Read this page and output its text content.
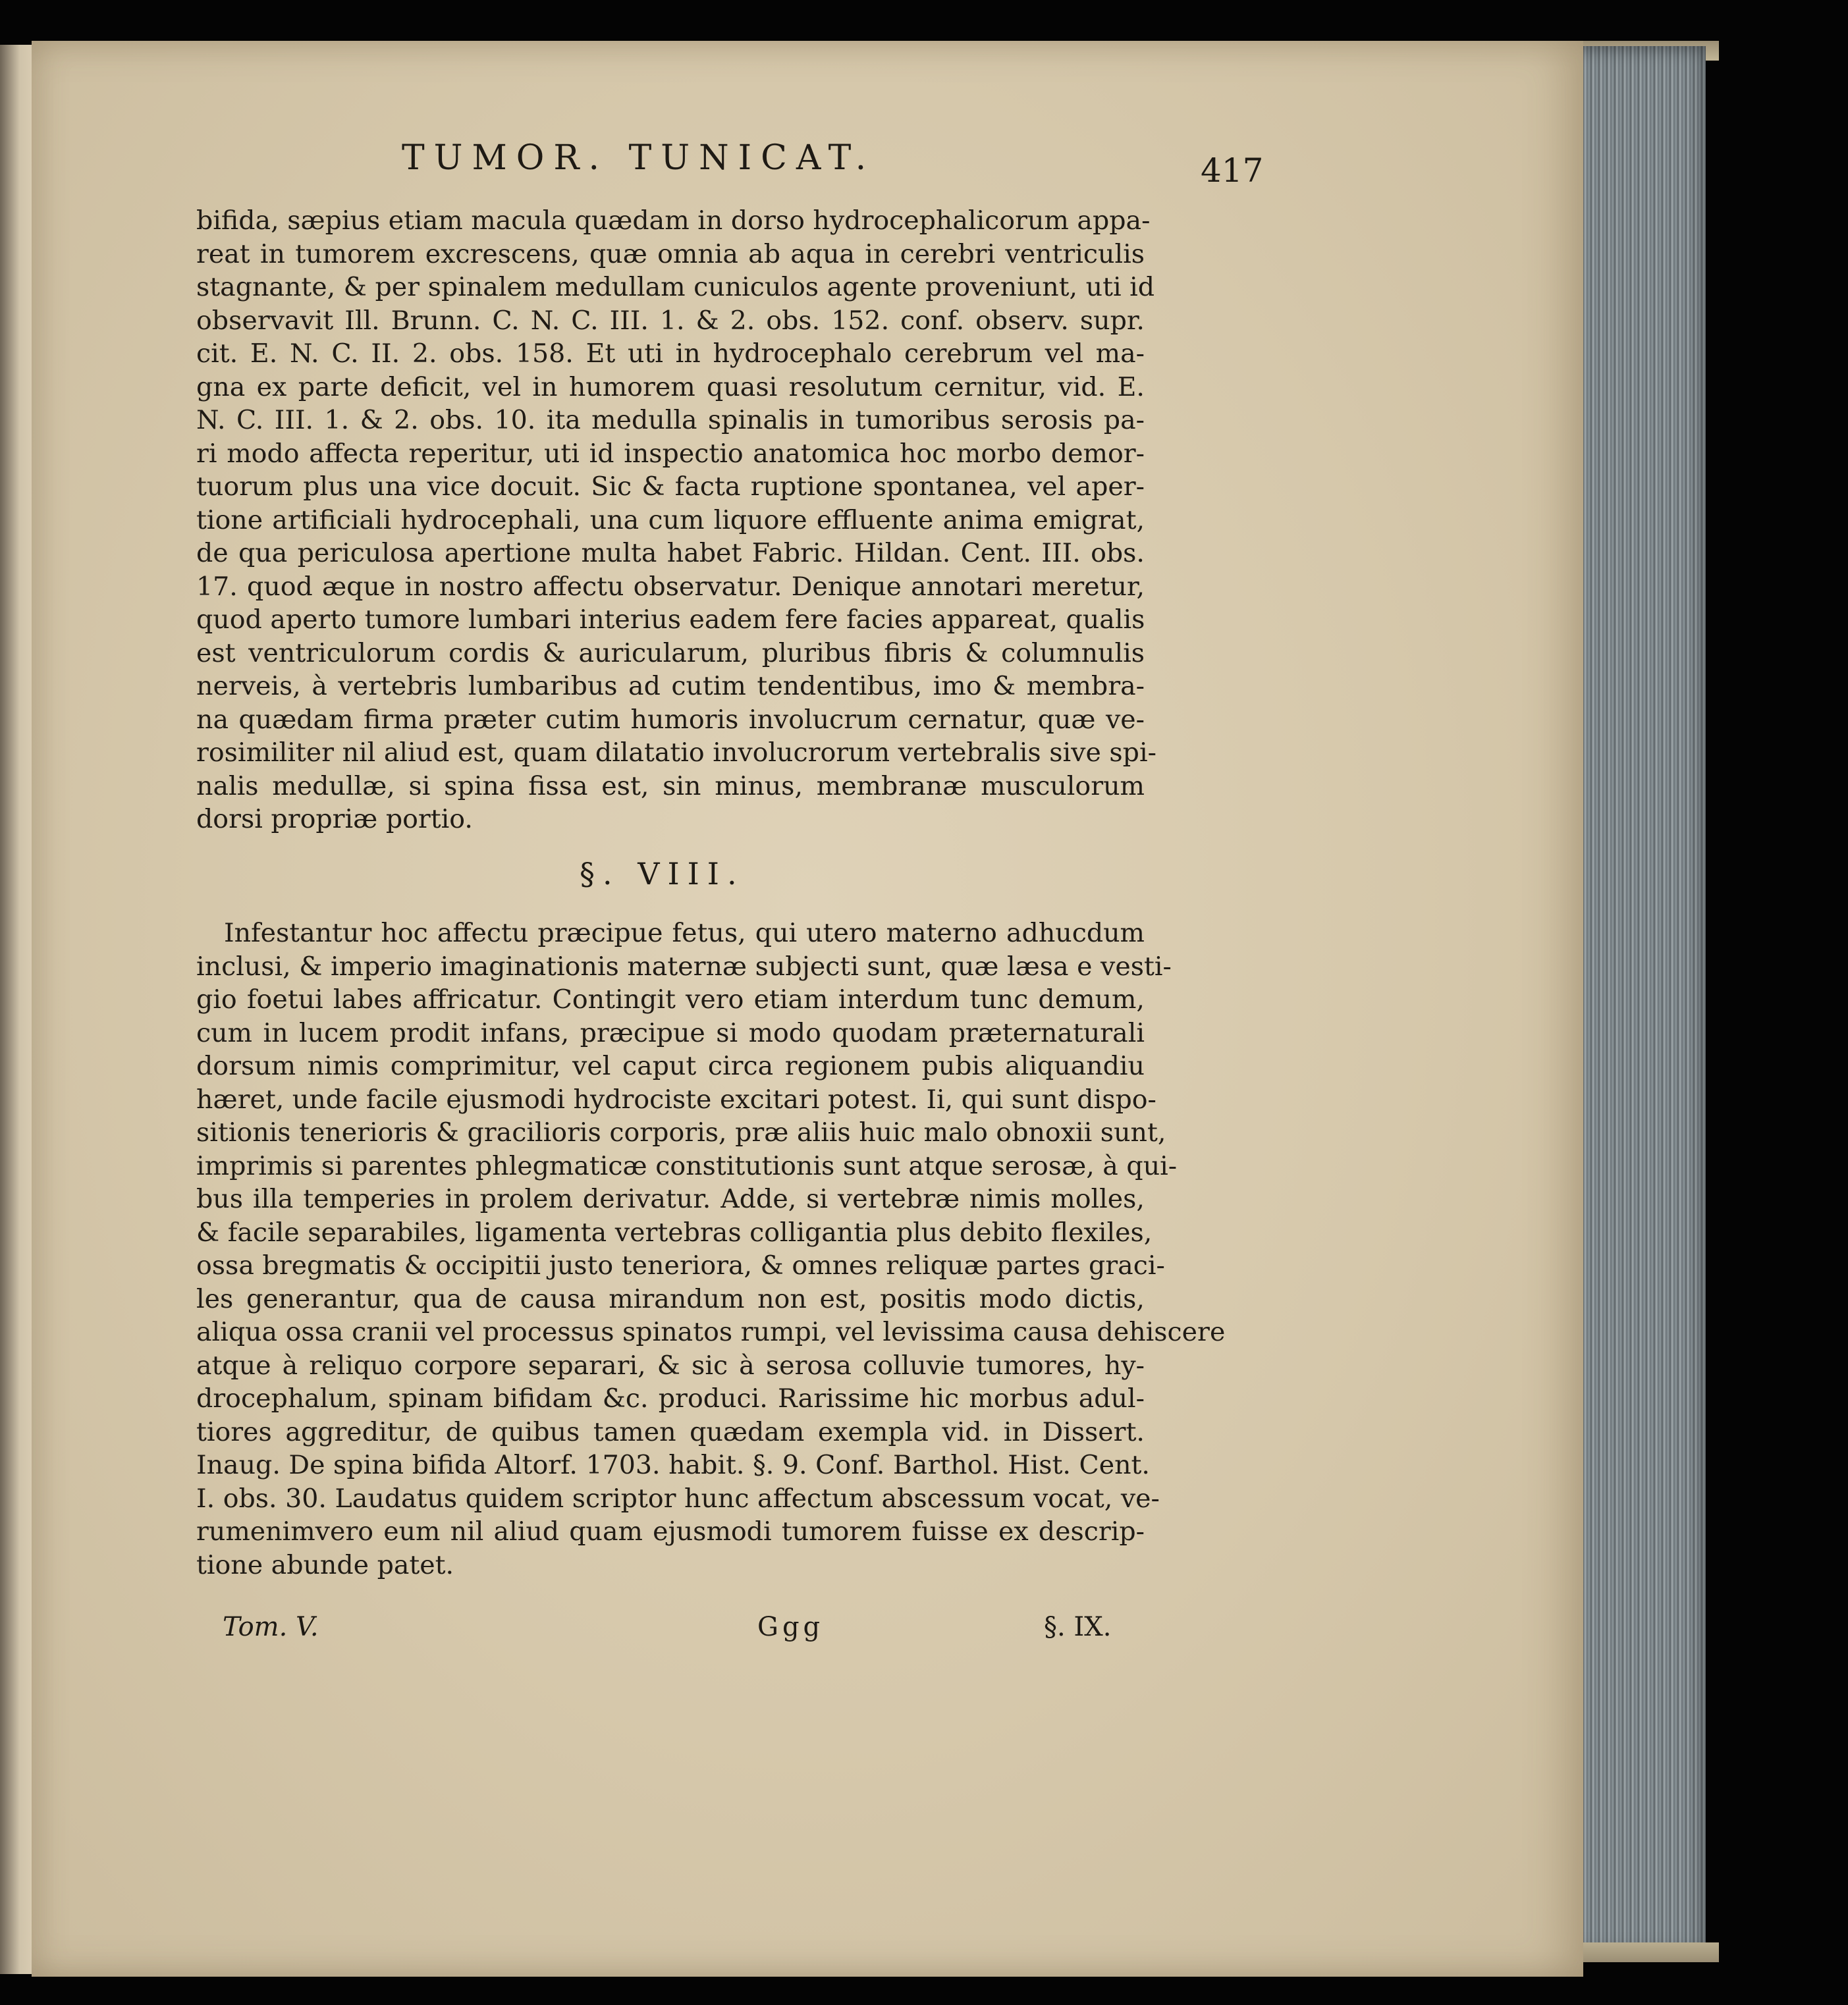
TUMOR. TUNICAT.	417
bifida, sæpius etiam macula quædam in dorso hydrocephalicorum appa-
reat in tumorem excrescens, quæ omnia ab aqua in cerebri ventriculis
stagnante, & per spinalem medullam cuniculos agente proveniunt, uti id
observavit Ill. Brunn. C. N. C. III. 1. & 2. obs. 152. conf. observ. supr.
cit. E. N. C. II. 2. obs. 158. Et uti in hydrocephalo cerebrum vel ma-
gna ex parte deficit, vel in humorem quasi resolutum cernitur, vid. E.
N. C. III. 1. & 2. obs. 10. ita medulla spinalis in tumoribus serosis pa-
ri modo affecta reperitur, uti id inspectio anatomica hoc morbo demor-
tuorum plus una vice docuit. Sic & facta ruptione spontanea, vel aper-
tione artificiali hydrocephali, una cum liquore effluente anima emigrat,
de qua periculosa apertione multa habet Fabric. Hildan. Cent. III. obs.
17. quod æque in nostro affectu observatur. Denique annotari meretur,
quod aperto tumore lumbari interius eadem fere facies appareat, qualis
est ventriculorum cordis & auricularum, pluribus fibris & columnulis
nerveis, à vertebris lumbaribus ad cutim tendentibus, imo & membra-
na quædam firma præter cutim humoris involucrum cernatur, quæ ve-
rosimiliter nil aliud est, quam dilatatio involucrorum vertebralis sive spi-
nalis medullæ, si spina fissa est, sin minus, membranæ musculorum
dorsi propriæ portio.
§. VIII.
Infestantur hoc affectu præcipue fetus, qui utero materno adhucdum
inclusi, & imperio imaginationis maternæ subjecti sunt, quæ læsa e vesti-
gio foetui labes affricatur. Contingit vero etiam interdum tunc demum,
cum in lucem prodit infans, præcipue si modo quodam præternaturali
dorsum nimis comprimitur, vel caput circa regionem pubis aliquandiu
hæret, unde facile ejusmodi hydrociste excitari potest. Ii, qui sunt dispo-
sitionis tenerioris & gracilioris corporis, præ aliis huic malo obnoxii sunt,
imprimis si parentes phlegmaticæ constitutionis sunt atque serosæ, à qui-
bus illa temperies in prolem derivatur. Adde, si vertebræ nimis molles,
& facile separabiles, ligamenta vertebras colligantia plus debito flexiles,
ossa bregmatis & occipitii justo teneriora, & omnes reliquæ partes graci-
les generantur, qua de causa mirandum non est, positis modo dictis,
aliqua ossa cranii vel processus spinatos rumpi, vel levissima causa dehiscere
atque à reliquo corpore separari, & sic à serosa colluvie tumores, hy-
drocephalum, spinam bifidam &c. produci. Rarissime hic morbus adul-
tiores aggreditur, de quibus tamen quædam exempla vid. in Dissert.
Inaug. De spina bifida Altorf. 1703. habit. §. 9. Conf. Barthol. Hist. Cent.
I. obs. 30. Laudatus quidem scriptor hunc affectum abscessum vocat, ve-
rumenimvero eum nil aliud quam ejusmodi tumorem fuisse ex descrip-
tione abunde patet.
Tom. V.	Ggg	§. IX.
